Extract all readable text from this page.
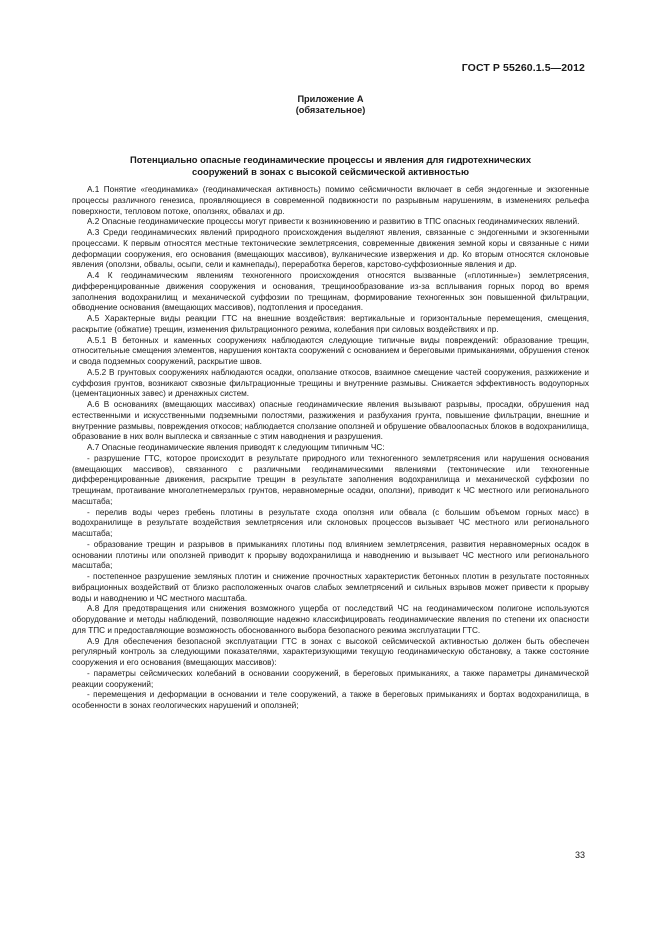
ГОСТ Р 55260.1.5—2012
Приложение А
(обязательное)
Потенциально опасные геодинамические процессы и явления для гидротехнических
сооружений в зонах с высокой сейсмической активностью

А.1 Понятие «геодинамика» (геодинамическая активность) помимо сейсмичности включает в себя эндогенные и экзогенные процессы различного генезиса, проявляющиеся в современной подвижности по разрывным нарушениям, в изменениях рельефа поверхности, тепловом потоке, оползнях, обвалах и др.

А.2 Опасные геодинамические процессы могут привести к возникновению и развитию в ТПС опасных геодинамических явлений.

А.3 Среди геодинамических явлений природного происхождения выделяют явления, связанные с эндогенными и экзогенными процессами. К первым относятся местные тектонические землетрясения, современные движения земной коры и связанные с ними деформации сооружения, его основания (вмещающих массивов), вулканические извержения и др. Ко вторым относятся склоновые явления (оползни, обвалы, осыпи, сели и камнепады), переработка берегов, карстово-суффозионные явления и др.

А.4 К геодинамическим явлениям техногенного происхождения относятся вызванные («плотинные») землетрясения, дифференцированные движения сооружения и основания, трещинообразование из-за всплывания горных пород во время заполнения водохранилищ и механической суффозии по трещинам, формирование техногенных зон повышенной фильтрации, обводнение основания (вмещающих массивов), подтопления и проседания.

А.5 Характерные виды реакции ГТС на внешние воздействия: вертикальные и горизонтальные перемещения, смещения, раскрытие (обжатие) трещин, изменения фильтрационного режима, колебания при силовых воздействиях и пр.

А.5.1 В бетонных и каменных сооружениях наблюдаются следующие типичные виды повреждений: образование трещин, относительные смещения элементов, нарушения контакта сооружений с основанием и береговыми примыканиями, обрушения стенок и свода подземных сооружений, раскрытие швов.

А.5.2 В грунтовых сооружениях наблюдаются осадки, оползание откосов, взаимное смещение частей сооружения, разжижение и суффозия грунтов, возникают сквозные фильтрационные трещины и внутренние размывы. Снижается эффективность водоупорных (цементационных завес) и дренажных систем.

А.6 В основаниях (вмещающих массивах) опасные геодинамические явления вызывают разрывы, просадки, обрушения над естественными и искусственными подземными полостями, разжижения и разбухания грунта, повышение фильтрации, внешние и внутренние размывы, повреждения откосов; наблюдается сползание оползней и обрушение обвалоопасных блоков в водохранилища, образование в них волн выплеска и связанные с этим наводнения и разрушения.

А.7 Опасные геодинамические явления приводят к следующим типичным ЧС:

- разрушение ГТС, которое происходит в результате природного или техногенного землетрясения или нарушения основания (вмещающих массивов), связанного с различными геодинамическими явлениями (тектонические или техногенные дифференцированные движения, раскрытие трещин в результате заполнения водохранилища и механической суффозии по трещинам, протаивание многолетнемерзлых грунтов, неравномерные осадки, оползни), приводит к ЧС местного или регионального масштаба;

- перелив воды через гребень плотины в результате схода оползня или обвала (с большим объемом горных масс) в водохранилище в результате воздействия землетрясения или склоновых процессов вызывает ЧС местного или регионального масштаба;

- образование трещин и разрывов в примыканиях плотины под влиянием землетрясения, развития неравномерных осадок в основании плотины или оползней приводит к прорыву водохранилища и наводнению и вызывает ЧС местного или регионального масштаба;

- постепенное разрушение земляных плотин и снижение прочностных характеристик бетонных плотин в результате постоянных вибрационных воздействий от близко расположенных очагов слабых землетрясений и сильных взрывов может привести к прорыву воды и наводнению и ЧС местного масштаба.

А.8 Для предотвращения или снижения возможного ущерба от последствий ЧС на геодинамическом полигоне используются оборудование и методы наблюдений, позволяющие надежно классифицировать геодинамические явления по степени их опасности для ТПС и предоставляющие возможность обоснованного выбора безопасного режима эксплуатации ГТС.

А.9 Для обеспечения безопасной эксплуатации ГТС в зонах с высокой сейсмической активностью должен быть обеспечен регулярный контроль за следующими показателями, характеризующими текущую геодинамическую обстановку, а также состояние сооружения и его основания (вмещающих массивов):

- параметры сейсмических колебаний в основании сооружений, в береговых примыканиях, а также параметры динамической реакции сооружений;

- перемещения и деформации в основании и теле сооружений, а также в береговых примыканиях и бортах водохранилища, в особенности в зонах геологических нарушений и оползней;

33
